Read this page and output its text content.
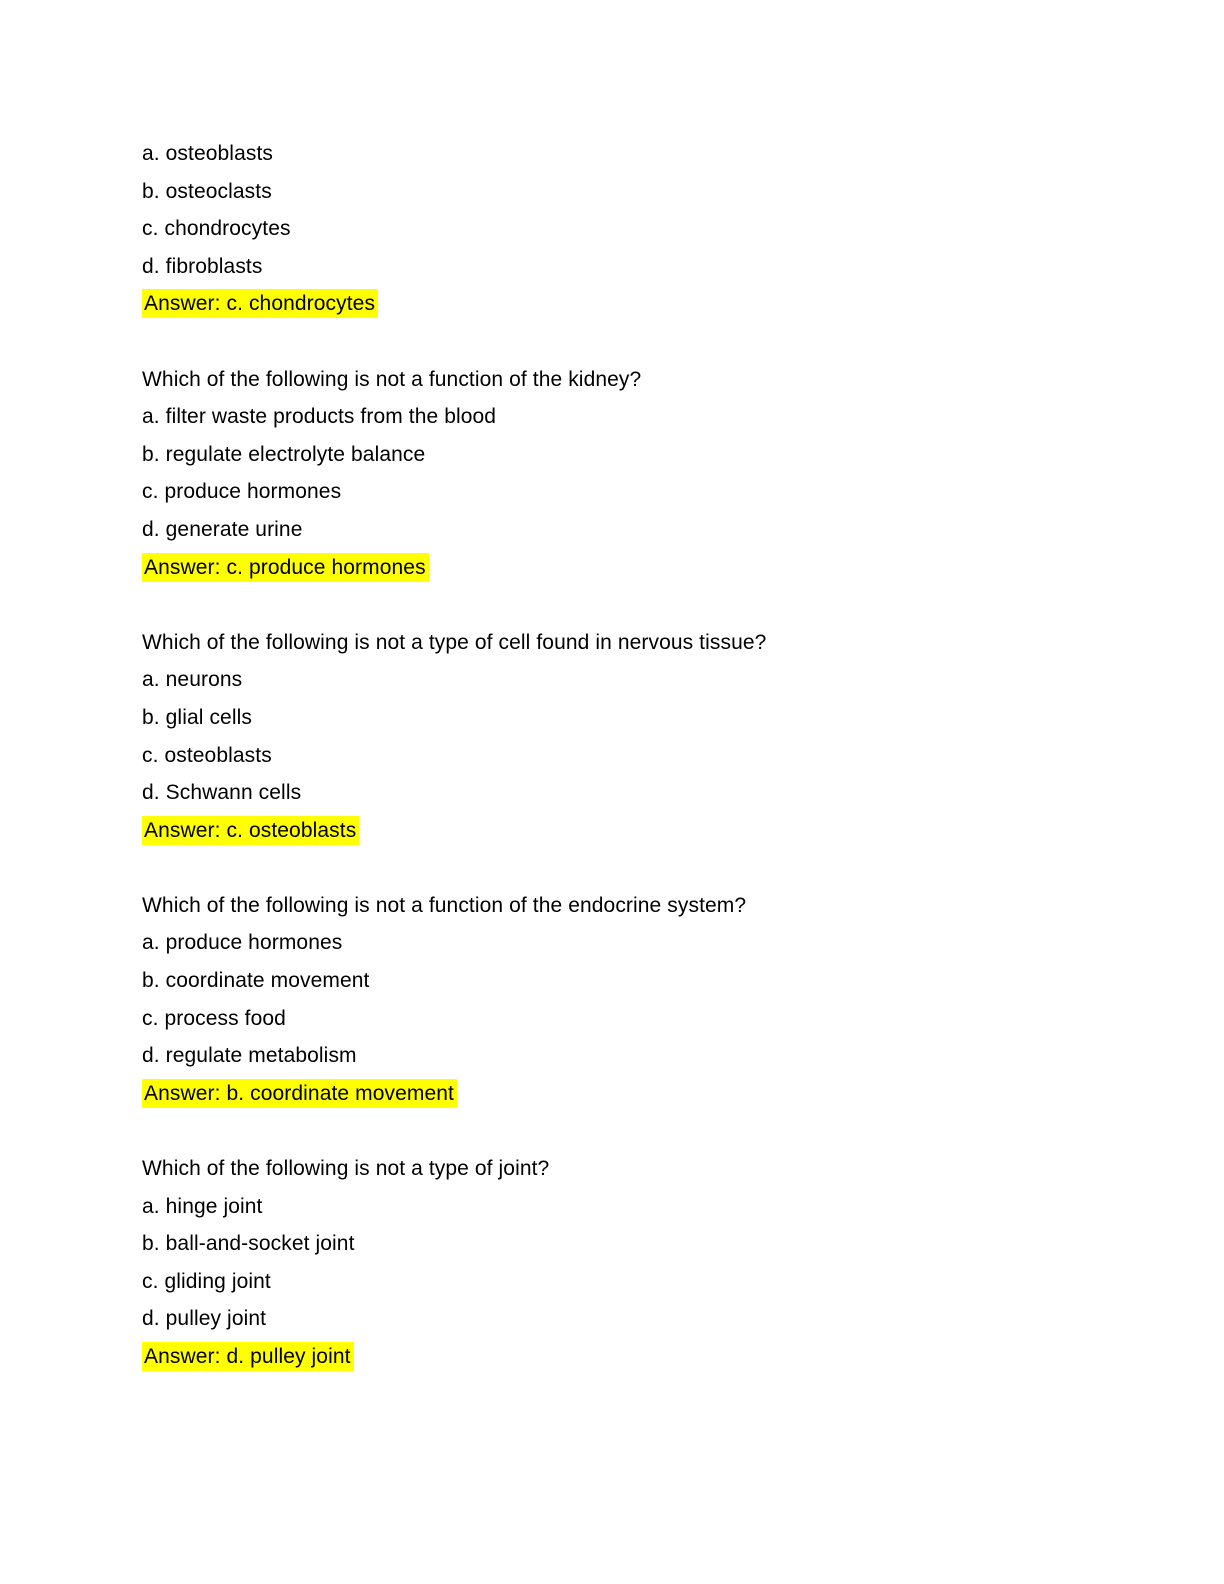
a. osteoblasts

b. osteoclasts

c. chondrocytes

d. fibroblasts

Answer: c. chondrocytes

Which of the following is not a function of the kidney?

a. filter waste products from the blood

b. regulate electrolyte balance

c. produce hormones

d. generate urine

Answer: c. produce hormones

Which of the following is not a type of cell found in nervous tissue?

a. neurons

b. glial cells

c. osteoblasts

d. Schwann cells

Answer: c. osteoblasts

Which of the following is not a function of the endocrine system?

a. produce hormones

b. coordinate movement

c. process food

d. regulate metabolism

Answer: b. coordinate movement

Which of the following is not a type of joint?

a. hinge joint

b. ball-and-socket joint

c. gliding joint

d. pulley joint

Answer: d. pulley joint
